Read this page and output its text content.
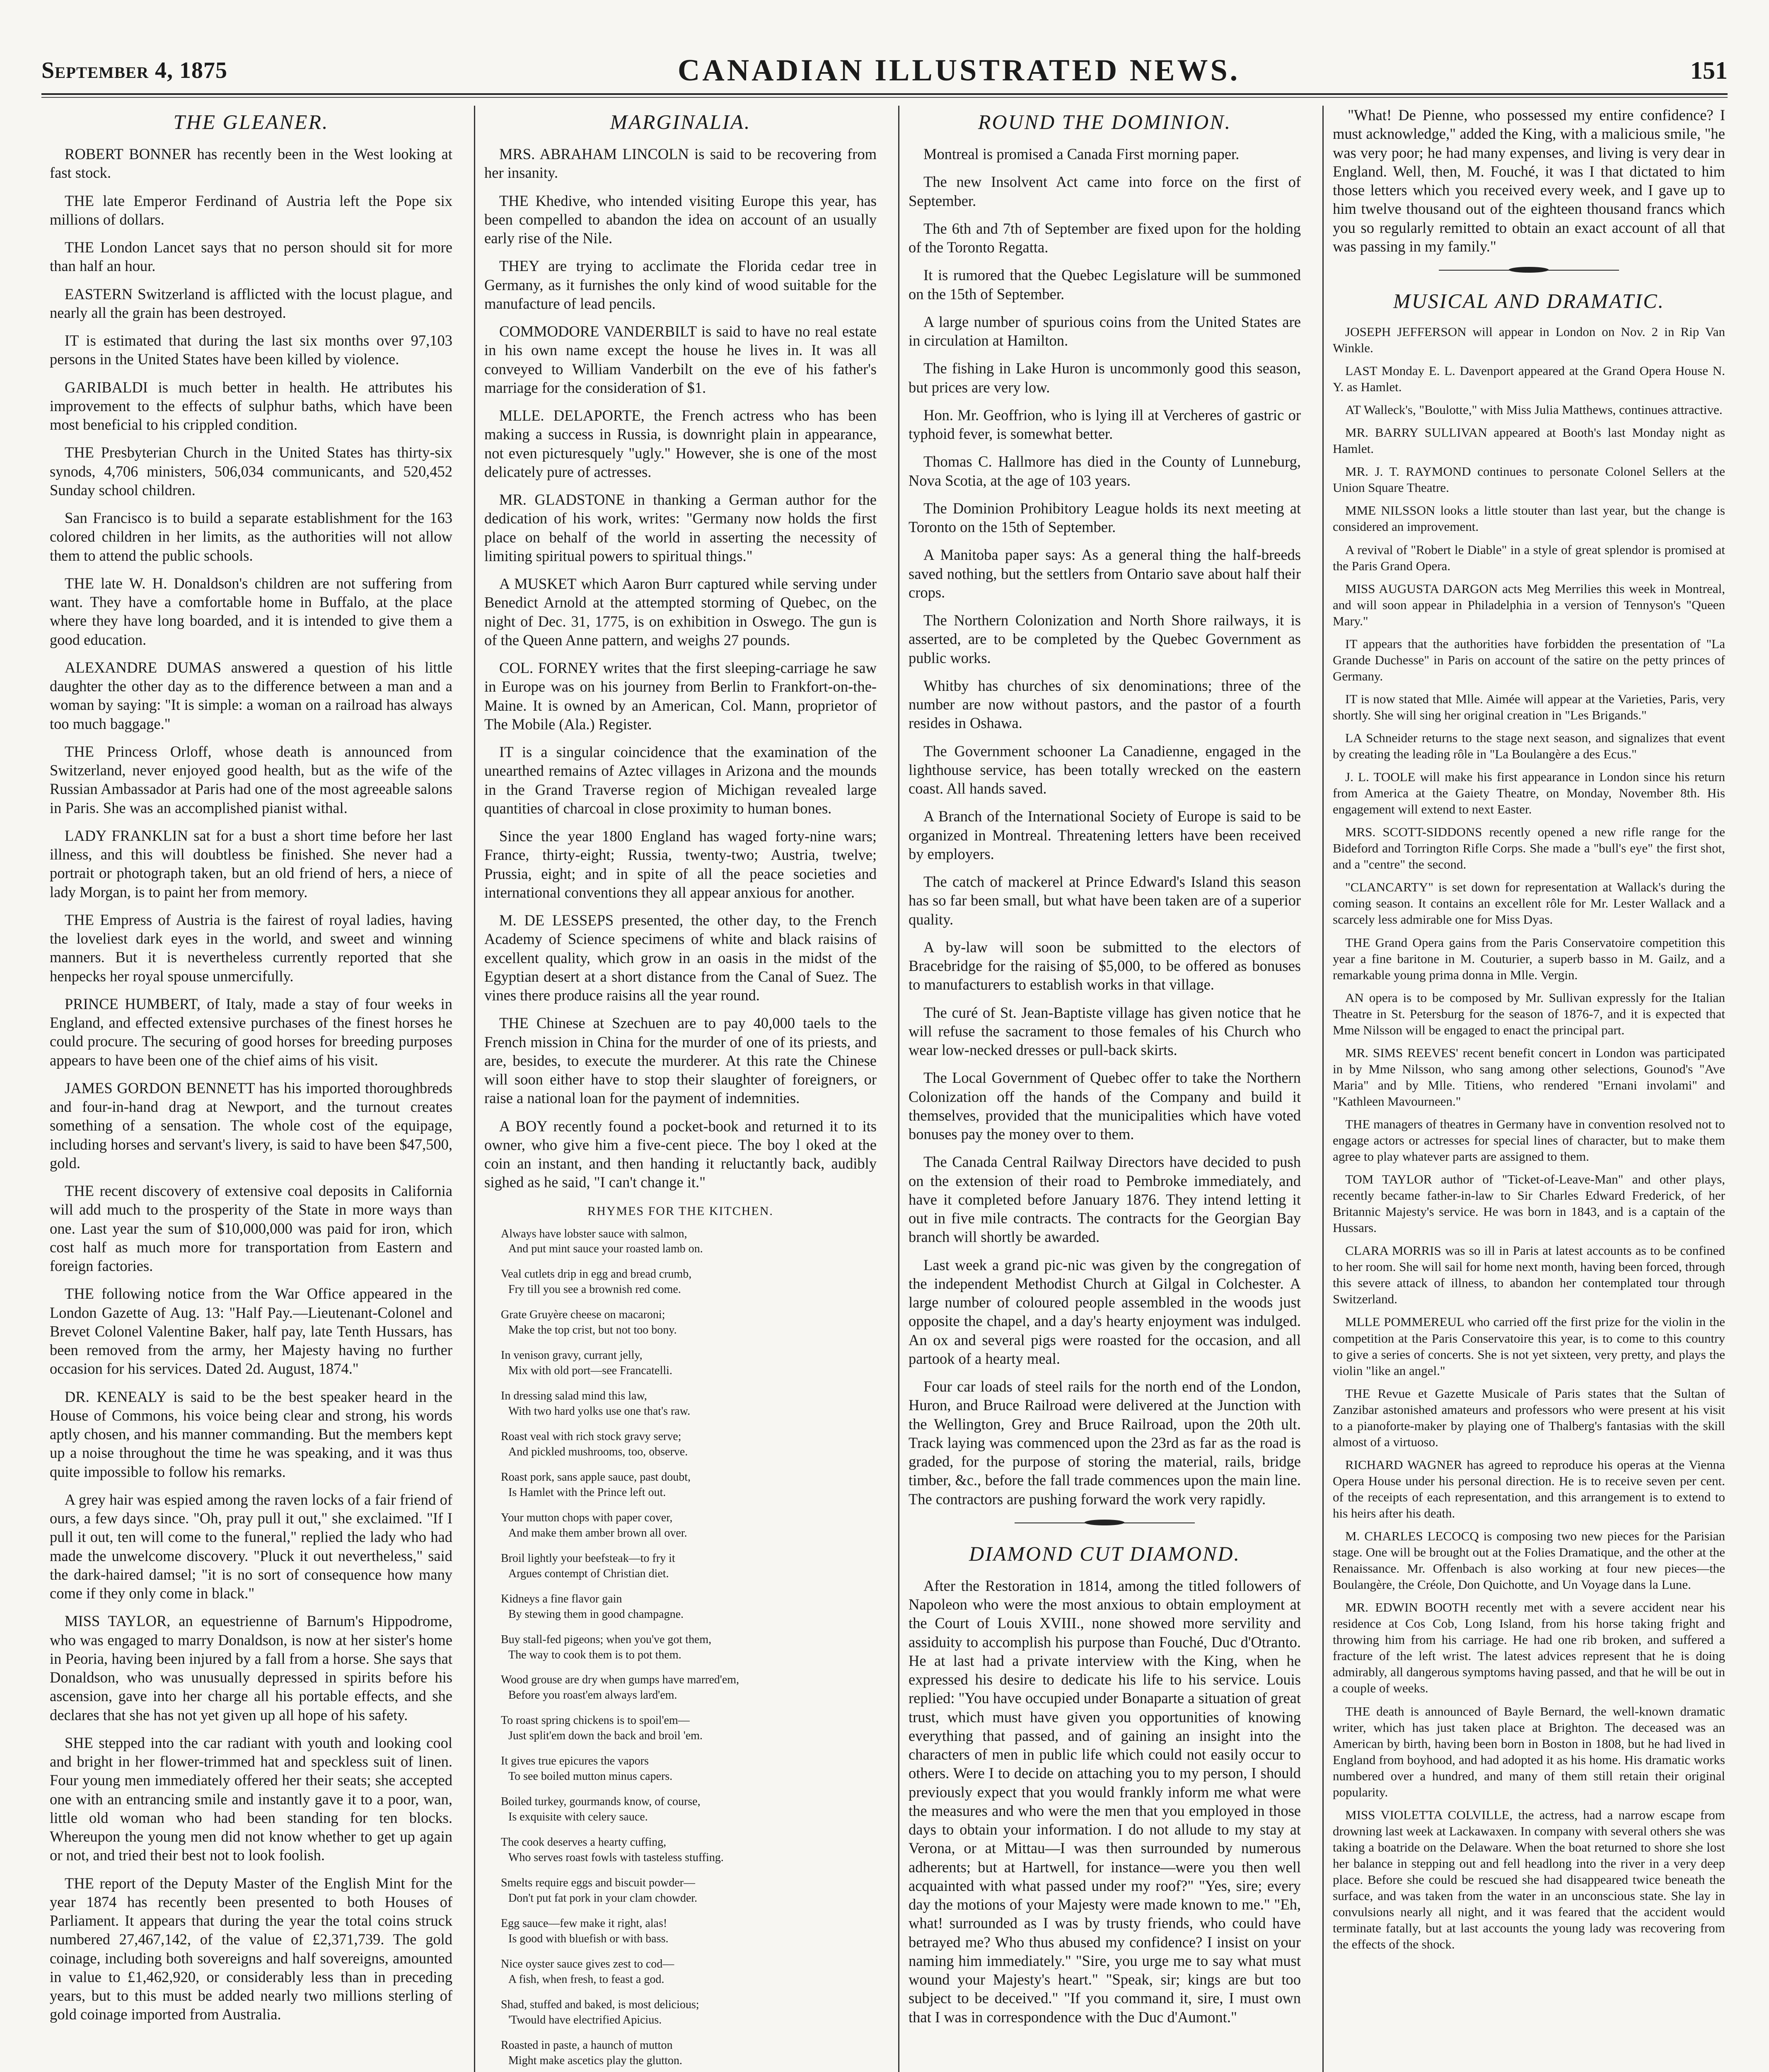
September 4, 1875	CANADIAN ILLUSTRATED NEWS.	151
THE GLEANER.

ROBERT BONNER has recently been in the West looking at fast stock.

THE late Emperor Ferdinand of Austria left the Pope six millions of dollars.

THE London Lancet says that no person should sit for more than half an hour.

EASTERN Switzerland is afflicted with the locust plague, and nearly all the grain has been destroyed.

IT is estimated that during the last six months over 97,103 persons in the United States have been killed by violence.

GARIBALDI is much better in health. He attributes his improvement to the effects of sulphur baths, which have been most beneficial to his crippled condition.

THE Presbyterian Church in the United States has thirty-six synods, 4,706 ministers, 506,034 communicants, and 520,452 Sunday school children.

San Francisco is to build a separate establishment for the 163 colored children in her limits, as the authorities will not allow them to attend the public schools.

THE late W. H. Donaldson's children are not suffering from want. They have a comfortable home in Buffalo, at the place where they have long boarded, and it is intended to give them a good education.

ALEXANDRE DUMAS answered a question of his little daughter the other day as to the difference between a man and a woman by saying: "It is simple: a woman on a railroad has always too much baggage."

THE Princess Orloff, whose death is announced from Switzerland, never enjoyed good health, but as the wife of the Russian Ambassador at Paris had one of the most agreeable salons in Paris. She was an accomplished pianist withal.

LADY FRANKLIN sat for a bust a short time before her last illness, and this will doubtless be finished. She never had a portrait or photograph taken, but an old friend of hers, a niece of lady Morgan, is to paint her from memory.

THE Empress of Austria is the fairest of royal ladies, having the loveliest dark eyes in the world, and sweet and winning manners. But it is nevertheless currently reported that she henpecks her royal spouse unmercifully.

PRINCE HUMBERT, of Italy, made a stay of four weeks in England, and effected extensive purchases of the finest horses he could procure. The securing of good horses for breeding purposes appears to have been one of the chief aims of his visit.

JAMES GORDON BENNETT has his imported thoroughbreds and four-in-hand drag at Newport, and the turnout creates something of a sensation. The whole cost of the equipage, including horses and servant's livery, is said to have been $47,500, gold.

THE recent discovery of extensive coal deposits in California will add much to the prosperity of the State in more ways than one. Last year the sum of $10,000,000 was paid for iron, which cost half as much more for transportation from Eastern and foreign factories.

THE following notice from the War Office appeared in the London Gazette of Aug. 13: "Half Pay.—Lieutenant-Colonel and Brevet Colonel Valentine Baker, half pay, late Tenth Hussars, has been removed from the army, her Majesty having no further occasion for his services. Dated 2d. August, 1874."

DR. KENEALY is said to be the best speaker heard in the House of Commons, his voice being clear and strong, his words aptly chosen, and his manner commanding. But the members kept up a noise throughout the time he was speaking, and it was thus quite impossible to follow his remarks.

A grey hair was espied among the raven locks of a fair friend of ours, a few days since. "Oh, pray pull it out," she exclaimed. "If I pull it out, ten will come to the funeral," replied the lady who had made the unwelcome discovery. "Pluck it out nevertheless," said the dark-haired damsel; "it is no sort of consequence how many come if they only come in black."

MISS TAYLOR, an equestrienne of Barnum's Hippodrome, who was engaged to marry Donaldson, is now at her sister's home in Peoria, having been injured by a fall from a horse. She says that Donaldson, who was unusually depressed in spirits before his ascension, gave into her charge all his portable effects, and she declares that she has not yet given up all hope of his safety.

SHE stepped into the car radiant with youth and looking cool and bright in her flower-trimmed hat and speckless suit of linen. Four young men immediately offered her their seats; she accepted one with an entrancing smile and instantly gave it to a poor, wan, little old woman who had been standing for ten blocks. Whereupon the young men did not know whether to get up again or not, and tried their best not to look foolish.

THE report of the Deputy Master of the English Mint for the year 1874 has recently been presented to both Houses of Parliament. It appears that during the year the total coins struck numbered 27,467,142, of the value of £2,371,739. The gold coinage, including both sovereigns and half sovereigns, amounted in value to £1,462,920, or considerably less than in preceding years, but to this must be added nearly two millions sterling of gold coinage imported from Australia.

MARGINALIA.

MRS. ABRAHAM LINCOLN is said to be recovering from her insanity.

THE Khedive, who intended visiting Europe this year, has been compelled to abandon the idea on account of an usually early rise of the Nile.

THEY are trying to acclimate the Florida cedar tree in Germany, as it furnishes the only kind of wood suitable for the manufacture of lead pencils.

COMMODORE VANDERBILT is said to have no real estate in his own name except the house he lives in. It was all conveyed to William Vanderbilt on the eve of his father's marriage for the consideration of $1.

MLLE. DELAPORTE, the French actress who has been making a success in Russia, is downright plain in appearance, not even picturesquely "ugly." However, she is one of the most delicately pure of actresses.

MR. GLADSTONE in thanking a German author for the dedication of his work, writes: "Germany now holds the first place on behalf of the world in asserting the necessity of limiting spiritual powers to spiritual things."

A MUSKET which Aaron Burr captured while serving under Benedict Arnold at the attempted storming of Quebec, on the night of Dec. 31, 1775, is on exhibition in Oswego. The gun is of the Queen Anne pattern, and weighs 27 pounds.

COL. FORNEY writes that the first sleeping-carriage he saw in Europe was on his journey from Berlin to Frankfort-on-the-Maine. It is owned by an American, Col. Mann, proprietor of The Mobile (Ala.) Register.

IT is a singular coincidence that the examination of the unearthed remains of Aztec villages in Arizona and the mounds in the Grand Traverse region of Michigan revealed large quantities of charcoal in close proximity to human bones.

Since the year 1800 England has waged forty-nine wars; France, thirty-eight; Russia, twenty-two; Austria, twelve; Prussia, eight; and in spite of all the peace societies and international conventions they all appear anxious for another.

M. DE LESSEPS presented, the other day, to the French Academy of Science specimens of white and black raisins of excellent quality, which grow in an oasis in the midst of the Egyptian desert at a short distance from the Canal of Suez. The vines there produce raisins all the year round.

THE Chinese at Szechuen are to pay 40,000 taels to the French mission in China for the murder of one of its priests, and are, besides, to execute the murderer. At this rate the Chinese will soon either have to stop their slaughter of foreigners, or raise a national loan for the payment of indemnities.

A BOY recently found a pocket-book and returned it to its owner, who give him a five-cent piece. The boy l oked at the coin an instant, and then handing it reluctantly back, audibly sighed as he said, "I can't change it."

RHYMES FOR THE KITCHEN.
Always have lobster sauce with salmon,
And put mint sauce your roasted lamb on.
Veal cutlets drip in egg and bread crumb,
Fry till you see a brownish red come.
Grate Gruyère cheese on macaroni;
Make the top crist, but not too bony.
In venison gravy, currant jelly,
Mix with old port—see Francatelli.
In dressing salad mind this law,
With two hard yolks use one that's raw.
Roast veal with rich stock gravy serve;
And pickled mushrooms, too, observe.
Roast pork, sans apple sauce, past doubt,
Is Hamlet with the Prince left out.
Your mutton chops with paper cover,
And make them amber brown all over.
Broil lightly your beefsteak—to fry it
Argues contempt of Christian diet.
Kidneys a fine flavor gain
By stewing them in good champagne.
Buy stall-fed pigeons; when you've got them,
The way to cook them is to pot them.
Wood grouse are dry when gumps have marred'em,
Before you roast'em always lard'em.
To roast spring chickens is to spoil'em—
Just split'em down the back and broil 'em.
It gives true epicures the vapors
To see boiled mutton minus capers.
Boiled turkey, gourmands know, of course,
Is exquisite with celery sauce.
The cook deserves a hearty cuffing,
Who serves roast fowls with tasteless stuffing.
Smelts require eggs and biscuit powder—
Don't put fat pork in your clam chowder.
Egg sauce—few make it right, alas!
Is good with bluefish or with bass.
Nice oyster sauce gives zest to cod—
A fish, when fresh, to feast a god.
Shad, stuffed and baked, is most delicious;
'Twould have electrified Apicius.
Roasted in paste, a haunch of mutton
Might make ascetics play the glutton.
ROUND THE DOMINION.

Montreal is promised a Canada First morning paper.

The new Insolvent Act came into force on the first of September.

The 6th and 7th of September are fixed upon for the holding of the Toronto Regatta.

It is rumored that the Quebec Legislature will be summoned on the 15th of September.

A large number of spurious coins from the United States are in circulation at Hamilton.

The fishing in Lake Huron is uncommonly good this season, but prices are very low.

Hon. Mr. Geoffrion, who is lying ill at Vercheres of gastric or typhoid fever, is somewhat better.

Thomas C. Hallmore has died in the County of Lunneburg, Nova Scotia, at the age of 103 years.

The Dominion Prohibitory League holds its next meeting at Toronto on the 15th of September.

A Manitoba paper says: As a general thing the half-breeds saved nothing, but the settlers from Ontario save about half their crops.

The Northern Colonization and North Shore railways, it is asserted, are to be completed by the Quebec Government as public works.

Whitby has churches of six denominations; three of the number are now without pastors, and the pastor of a fourth resides in Oshawa.

The Government schooner La Canadienne, engaged in the lighthouse service, has been totally wrecked on the eastern coast. All hands saved.

A Branch of the International Society of Europe is said to be organized in Montreal. Threatening letters have been received by employers.

The catch of mackerel at Prince Edward's Island this season has so far been small, but what have been taken are of a superior quality.

A by-law will soon be submitted to the electors of Bracebridge for the raising of $5,000, to be offered as bonuses to manufacturers to establish works in that village.

The curé of St. Jean-Baptiste village has given notice that he will refuse the sacrament to those females of his Church who wear low-necked dresses or pull-back skirts.

The Local Government of Quebec offer to take the Northern Colonization off the hands of the Company and build it themselves, provided that the municipalities which have voted bonuses pay the money over to them.

The Canada Central Railway Directors have decided to push on the extension of their road to Pembroke immediately, and have it completed before January 1876. They intend letting it out in five mile contracts. The contracts for the Georgian Bay branch will shortly be awarded.

Last week a grand pic-nic was given by the congregation of the independent Methodist Church at Gilgal in Colchester. A large number of coloured people assembled in the woods just opposite the chapel, and a day's hearty enjoyment was indulged. An ox and several pigs were roasted for the occasion, and all partook of a hearty meal.

Four car loads of steel rails for the north end of the London, Huron, and Bruce Railroad were delivered at the Junction with the Wellington, Grey and Bruce Railroad, upon the 20th ult. Track laying was commenced upon the 23rd as far as the road is graded, for the purpose of storing the material, rails, bridge timber, &c., before the fall trade commences upon the main line. The contractors are pushing forward the work very rapidly.

DIAMOND CUT DIAMOND.

After the Restoration in 1814, among the titled followers of Napoleon who were the most anxious to obtain employment at the Court of Louis XVIII., none showed more servility and assiduity to accomplish his purpose than Fouché, Duc d'Otranto. He at last had a private interview with the King, when he expressed his desire to dedicate his life to his service. Louis replied: "You have occupied under Bonaparte a situation of great trust, which must have given you opportunities of knowing everything that passed, and of gaining an insight into the characters of men in public life which could not easily occur to others. Were I to decide on attaching you to my person, I should previously expect that you would frankly inform me what were the measures and who were the men that you employed in those days to obtain your information. I do not allude to my stay at Verona, or at Mittau—I was then surrounded by numerous adherents; but at Hartwell, for instance—were you then well acquainted with what passed under my roof?" "Yes, sire; every day the motions of your Majesty were made known to me." "Eh, what! surrounded as I was by trusty friends, who could have betrayed me? Who thus abused my confidence? I insist on your naming him immediately." "Sire, you urge me to say what must wound your Majesty's heart." "Speak, sir; kings are but too subject to be deceived." "If you command it, sire, I must own that I was in correspondence with the Duc d'Aumont."

"What! De Pienne, who possessed my entire confidence? I must acknowledge," added the King, with a malicious smile, "he was very poor; he had many expenses, and living is very dear in England. Well, then, M. Fouché, it was I that dictated to him those letters which you received every week, and I gave up to him twelve thousand out of the eighteen thousand francs which you so regularly remitted to obtain an exact account of all that was passing in my family."

MUSICAL AND DRAMATIC.

JOSEPH JEFFERSON will appear in London on Nov. 2 in Rip Van Winkle.

LAST Monday E. L. Davenport appeared at the Grand Opera House N. Y. as Hamlet.

AT Walleck's, "Boulotte," with Miss Julia Matthews, continues attractive.

MR. BARRY SULLIVAN appeared at Booth's last Monday night as Hamlet.

MR. J. T. RAYMOND continues to personate Colonel Sellers at the Union Square Theatre.

MME NILSSON looks a little stouter than last year, but the change is considered an improvement.

A revival of "Robert le Diable" in a style of great splendor is promised at the Paris Grand Opera.

MISS AUGUSTA DARGON acts Meg Merrilies this week in Montreal, and will soon appear in Philadelphia in a version of Tennyson's "Queen Mary."

IT appears that the authorities have forbidden the presentation of "La Grande Duchesse" in Paris on account of the satire on the petty princes of Germany.

IT is now stated that Mlle. Aimée will appear at the Varieties, Paris, very shortly. She will sing her original creation in "Les Brigands."

LA Schneider returns to the stage next season, and signalizes that event by creating the leading rôle in "La Boulangère a des Ecus."

J. L. TOOLE will make his first appearance in London since his return from America at the Gaiety Theatre, on Monday, November 8th. His engagement will extend to next Easter.

MRS. SCOTT-SIDDONS recently opened a new rifle range for the Bideford and Torrington Rifle Corps. She made a "bull's eye" the first shot, and a "centre" the second.

"CLANCARTY" is set down for representation at Wallack's during the coming season. It contains an excellent rôle for Mr. Lester Wallack and a scarcely less admirable one for Miss Dyas.

THE Grand Opera gains from the Paris Conservatoire competition this year a fine baritone in M. Couturier, a superb basso in M. Gailz, and a remarkable young prima donna in Mlle. Vergin.

AN opera is to be composed by Mr. Sullivan expressly for the Italian Theatre in St. Petersburg for the season of 1876-7, and it is expected that Mme Nilsson will be engaged to enact the principal part.

MR. SIMS REEVES' recent benefit concert in London was participated in by Mme Nilsson, who sang among other selections, Gounod's "Ave Maria" and by Mlle. Titiens, who rendered "Ernani involami" and "Kathleen Mavourneen."

THE managers of theatres in Germany have in convention resolved not to engage actors or actresses for special lines of character, but to make them agree to play whatever parts are assigned to them.

TOM TAYLOR author of "Ticket-of-Leave-Man" and other plays, recently became father-in-law to Sir Charles Edward Frederick, of her Britannic Majesty's service. He was born in 1843, and is a captain of the Hussars.

CLARA MORRIS was so ill in Paris at latest accounts as to be confined to her room. She will sail for home next month, having been forced, through this severe attack of illness, to abandon her contemplated tour through Switzerland.

MLLE POMMEREUL who carried off the first prize for the violin in the competition at the Paris Conservatoire this year, is to come to this country to give a series of concerts. She is not yet sixteen, very pretty, and plays the violin "like an angel."

THE Revue et Gazette Musicale of Paris states that the Sultan of Zanzibar astonished amateurs and professors who were present at his visit to a pianoforte-maker by playing one of Thalberg's fantasias with the skill almost of a virtuoso.

RICHARD WAGNER has agreed to reproduce his operas at the Vienna Opera House under his personal direction. He is to receive seven per cent. of the receipts of each representation, and this arrangement is to extend to his heirs after his death.

M. CHARLES LECOCQ is composing two new pieces for the Parisian stage. One will be brought out at the Folies Dramatique, and the other at the Renaissance. Mr. Offenbach is also working at four new pieces—the Boulangère, the Créole, Don Quichotte, and Un Voyage dans la Lune.

MR. EDWIN BOOTH recently met with a severe accident near his residence at Cos Cob, Long Island, from his horse taking fright and throwing him from his carriage. He had one rib broken, and suffered a fracture of the left wrist. The latest advices represent that he is doing admirably, all dangerous symptoms having passed, and that he will be out in a couple of weeks.

THE death is announced of Bayle Bernard, the well-known dramatic writer, which has just taken place at Brighton. The deceased was an American by birth, having been born in Boston in 1808, but he had lived in England from boyhood, and had adopted it as his home. His dramatic works numbered over a hundred, and many of them still retain their original popularity.

MISS VIOLETTA COLVILLE, the actress, had a narrow escape from drowning last week at Lackawaxen. In company with several others she was taking a boatride on the Delaware. When the boat returned to shore she lost her balance in stepping out and fell headlong into the river in a very deep place. Before she could be rescued she had disappeared twice beneath the surface, and was taken from the water in an unconscious state. She lay in convulsions nearly all night, and it was feared that the accident would terminate fatally, but at last accounts the young lady was recovering from the effects of the shock.
